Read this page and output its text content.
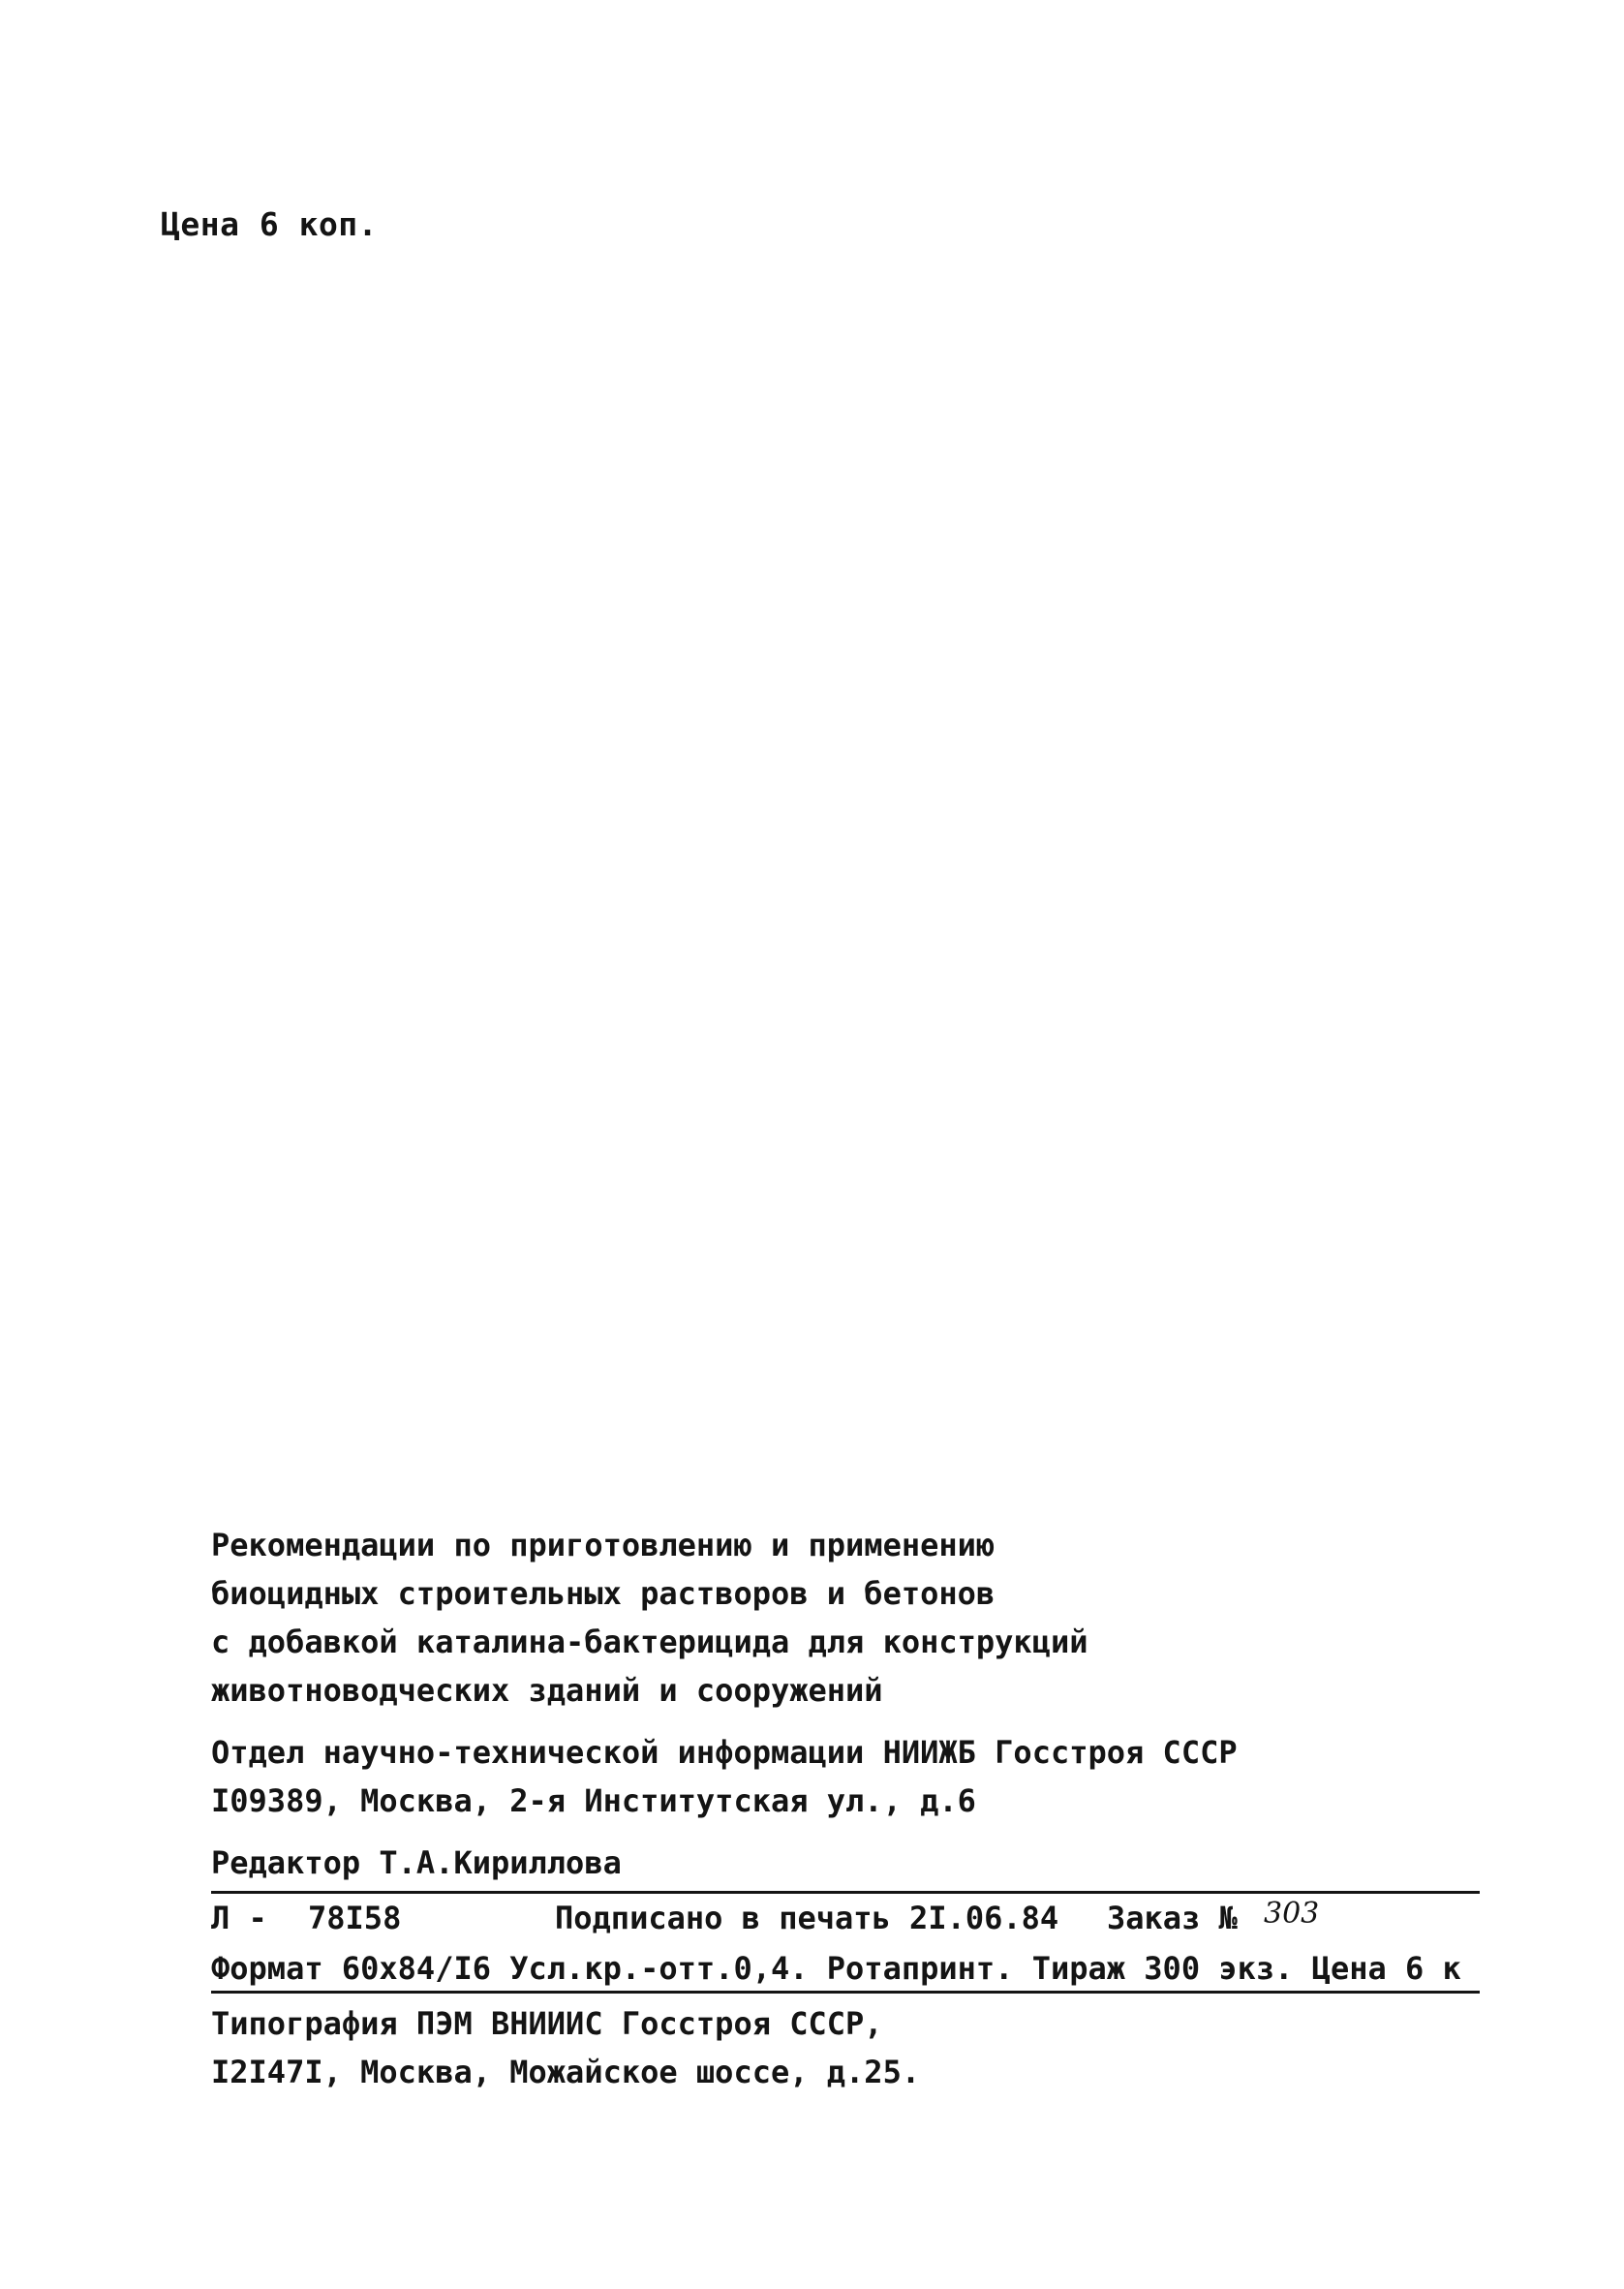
Цена 6 коп.
Рекомендации по приготовлению и применению
биоцидных строительных растворов и бетонов
с добавкой каталина-бактерицида для конструкций
животноводческих зданий и сооружений
Отдел научно-технической информации НИИЖБ Госстроя СССР
I09389, Москва, 2-я Институтская ул., д.6
Редактор Т.А.Кириллова
Л - 78I58	Подписано в печать 2I.06.84 Заказ № 303
Формат 60x84/I6 Усл.кр.-отт.0,4. Ротапринт. Тираж 300 экз. Цена 6 к
Типография ПЭМ ВНИИИС Госстроя СССР,
I2I47I, Москва, Можайское шоссе, д.25.
